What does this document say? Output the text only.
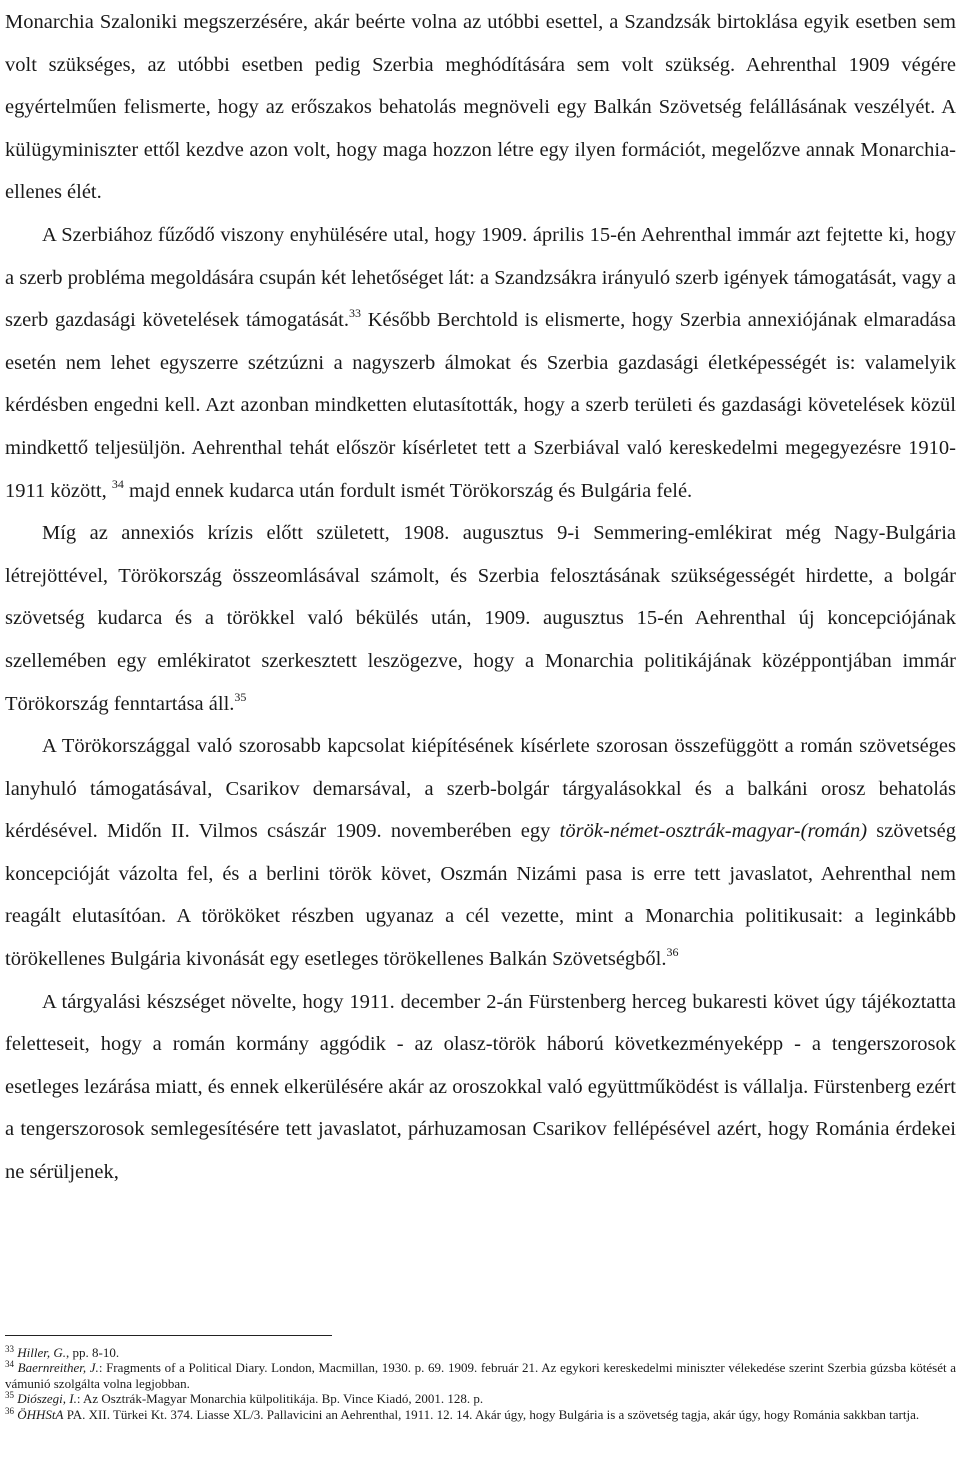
Monarchia Szaloniki megszerzésére, akár beérte volna az utóbbi esettel, a Szandzsák birtoklása egyik esetben sem volt szükséges, az utóbbi esetben pedig Szerbia meghódítására sem volt szükség. Aehrenthal 1909 végére egyértelműen felismerte, hogy az erőszakos behatolás megnöveli egy Balkán Szövetség felállásának veszélyét. A külügyminiszter ettől kezdve azon volt, hogy maga hozzon létre egy ilyen formációt, megelőzve annak Monarchia-ellenes élét.

A Szerbiához fűződő viszony enyhülésére utal, hogy 1909. április 15-én Aehrenthal immár azt fejtette ki, hogy a szerb probléma megoldására csupán két lehetőséget lát: a Szandzsákra irányuló szerb igények támogatását, vagy a szerb gazdasági követelések támogatását.$^{33}$ Később Berchtold is elismerte, hogy Szerbia annexiójának elmaradása esetén nem lehet egyszerre szétzúzni a nagyszerb álmokat és Szerbia gazdasági életképességét is: valamelyik kérdésben engedni kell. Azt azonban mindketten elutasították, hogy a szerb területi és gazdasági követelések közül mindkettő teljesüljön. Aehrenthal tehát először kísérletet tett a Szerbiával való kereskedelmi megegyezésre 1910-1911 között, $^{34}$ majd ennek kudarca után fordult ismét Törökország és Bulgária felé.

Míg az annexiós krízis előtt született, 1908. augusztus 9-i Semmering-emlékirat még Nagy-Bulgária létrejöttével, Törökország összeomlásával számolt, és Szerbia felosztásának szükségességét hirdette, a bolgár szövetség kudarca és a törökkel való békülés után, 1909. augusztus 15-én Aehrenthal új koncepciójának szellemében egy emlékiratot szerkesztett leszögezve, hogy a Monarchia politikájának középpontjában immár Törökország fenntartása áll.$^{35}$

A Törökországgal való szorosabb kapcsolat kiépítésének kísérlete szorosan összefüggött a román szövetséges lanyhuló támogatásával, Csarikov demarsával, a szerb-bolgár tárgyalásokkal és a balkáni orosz behatolás kérdésével. Midőn II. Vilmos császár 1909. novemberében egy török-német-osztrák-magyar-(román) szövetség koncepcióját vázolta fel, és a berlini török követ, Oszmán Nizámi pasa is erre tett javaslatot, Aehrenthal nem reagált elutasítóan. A törököket részben ugyanaz a cél vezette, mint a Monarchia politikusait: a leginkább törökellenes Bulgária kivonását egy esetleges törökellenes Balkán Szövetségből.$^{36}$

A tárgyalási készséget növelte, hogy 1911. december 2-án Fürstenberg herceg bukaresti követ úgy tájékoztatta feletteseit, hogy a román kormány aggódik - az olasz-török háború következményeképp - a tengerszorosok esetleges lezárása miatt, és ennek elkerülésére akár az oroszokkal való együttműködést is vállalja. Fürstenberg ezért a tengerszorosok semlegesítésére tett javaslatot, párhuzamosan Csarikov fellépésével azért, hogy Románia érdekei ne sérüljenek,

$^{33}$ Hiller, G., pp. 8-10.

$^{34}$ Baernreither, J.: Fragments of a Political Diary. London, Macmillan, 1930. p. 69. 1909. február 21. Az egykori kereskedelmi miniszter vélekedése szerint Szerbia gúzsba kötését a vámunió szolgálta volna legjobban.

$^{35}$ Diószegi, I.: Az Osztrák-Magyar Monarchia külpolitikája. Bp. Vince Kiadó, 2001. 128. p.

$^{36}$ ÖHHStA PA. XII. Türkei Kt. 374. Liasse XL/3. Pallavicini an Aehrenthal, 1911. 12. 14. Akár úgy, hogy Bulgária is a szövetség tagja, akár úgy, hogy Románia sakkban tartja.
